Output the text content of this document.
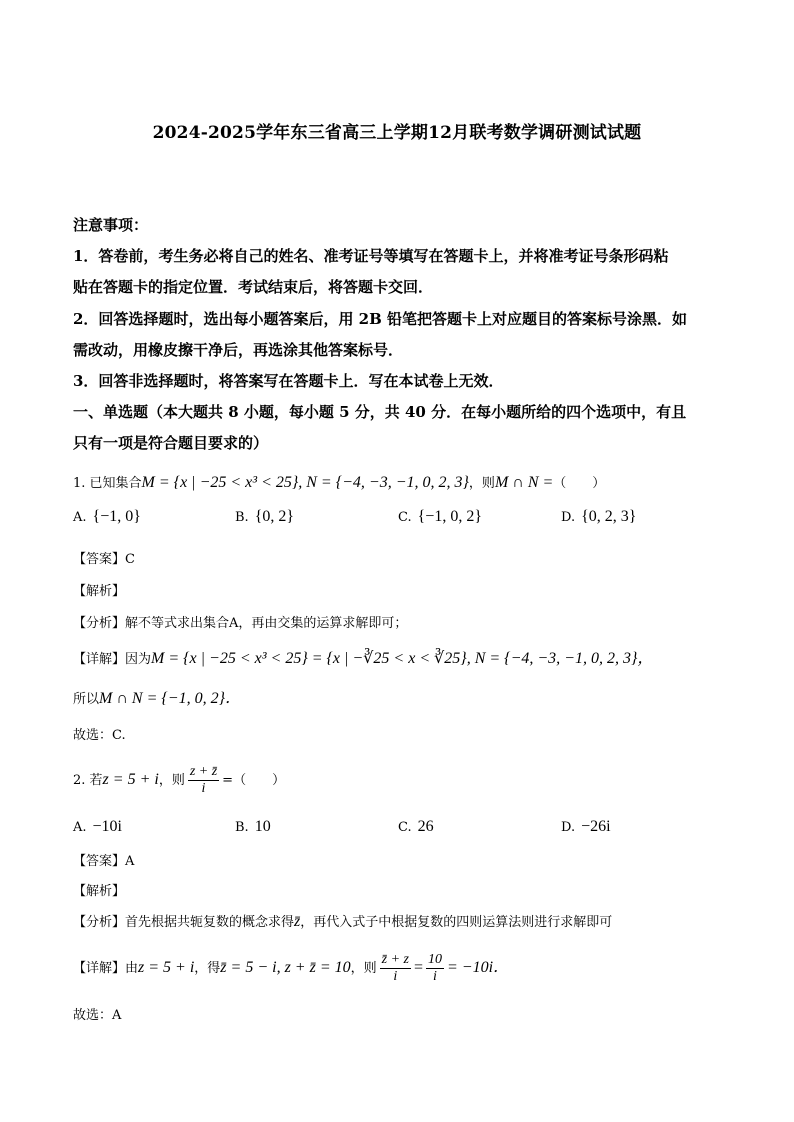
2024-2025学年东三省高三上学期12月联考数学调研测试试题
注意事项：
1．答卷前，考生务必将自己的姓名、准考证号等填写在答题卡上，并将准考证号条形码粘
贴在答题卡的指定位置．考试结束后，将答题卡交回．
2．回答选择题时，选出每小题答案后，用 2B 铅笔把答题卡上对应题目的答案标号涂黑．如
需改动，用橡皮擦干净后，再选涂其他答案标号．
3．回答非选择题时，将答案写在答题卡上．写在本试卷上无效．
一、单选题（本大题共 8 小题，每小题 5 分，共 40 分．在每小题所给的四个选项中，有且
只有一项是符合题目要求的）
1. 已知集合M = {x | −25 < x³ < 25}, N = {−4, −3, −1, 0, 2, 3}，则M ∩ N =（　　）
A. {−1, 0}	B. {0, 2}	C. {−1, 0, 2}	D. {0, 2, 3}
【答案】C
【解析】
【分析】解不等式求出集合A，再由交集的运算求解即可；
【详解】因为M = {x | −25 < x³ < 25} = {x | −∛25 < x < ∛25}, N = {−4, −3, −1, 0, 2, 3}，
所以M ∩ N = {−1, 0, 2}．
故选：C.
2. 若z = 5 + i，则 $\frac{z + z̄}{i}$ =（　　）
A. −10i	B. 10	C. 26	D. −26i
【答案】A
【解析】
【分析】首先根据共轭复数的概念求得z̄，再代入式子中根据复数的四则运算法则进行求解即可
【详解】由z = 5 + i，得z̄ = 5 − i, z + z̄ = 10，则 $\frac{z̄ + z}{i} = \frac{10}{i} = -10i$．
故选：A
